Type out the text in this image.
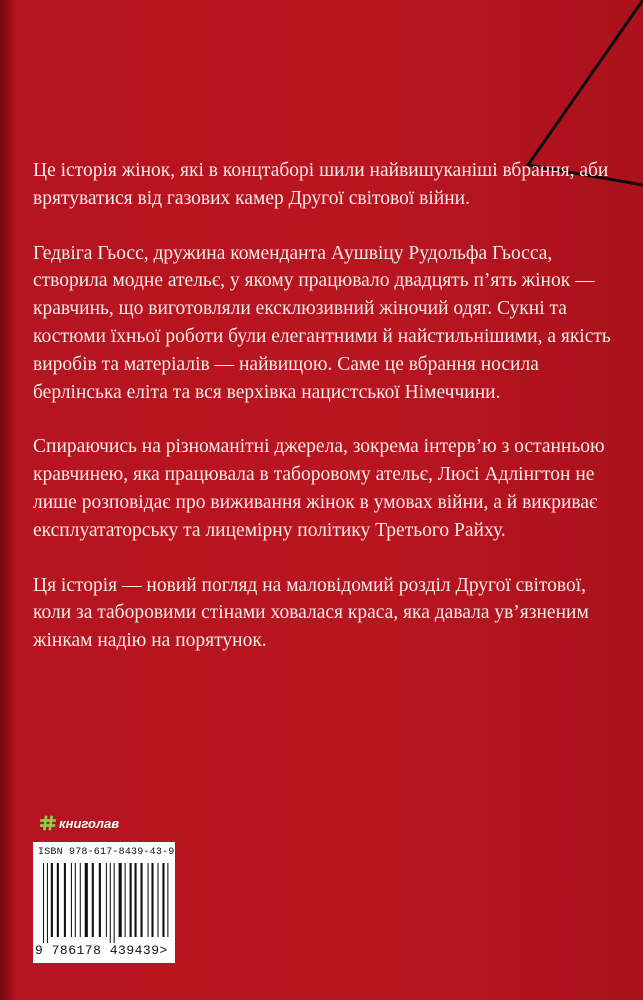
Це історія жінок, які в концтаборі шили найвишуканіші вбрання, аби врятуватися від газових камер Другої світової війни.

Гедвіга Гьосс, дружина коменданта Аушвіцу Рудольфа Гьосса, створила модне ательє, у якому працювало двадцять п’ять жінок — кравчинь, що виготовляли ексклюзивний жіночий одяг. Сукні та костюми їхньої роботи були елегантними й найстильнішими, а якість виробів та матеріалів — найвищою. Саме це вбрання носила берлінська еліта та вся верхівка нацистської Німеччини.

Спираючись на різноманітні джерела, зокрема інтерв’ю з останньою кравчинею, яка працювала в таборовому ательє, Люсі Адлінгтон не лише розповідає про виживання жінок в умовах війни, а й викриває експлуататорську та лицемірну політику Третього Райху.

Ця історія — новий погляд на маловідомий розділ Другої світової, коли за таборовими стінами ховалася краса, яка давала ув’язненим жінкам надію на порятунок.

книголав
ISBN 978-617-8439-43-9
9 786178 439439>
